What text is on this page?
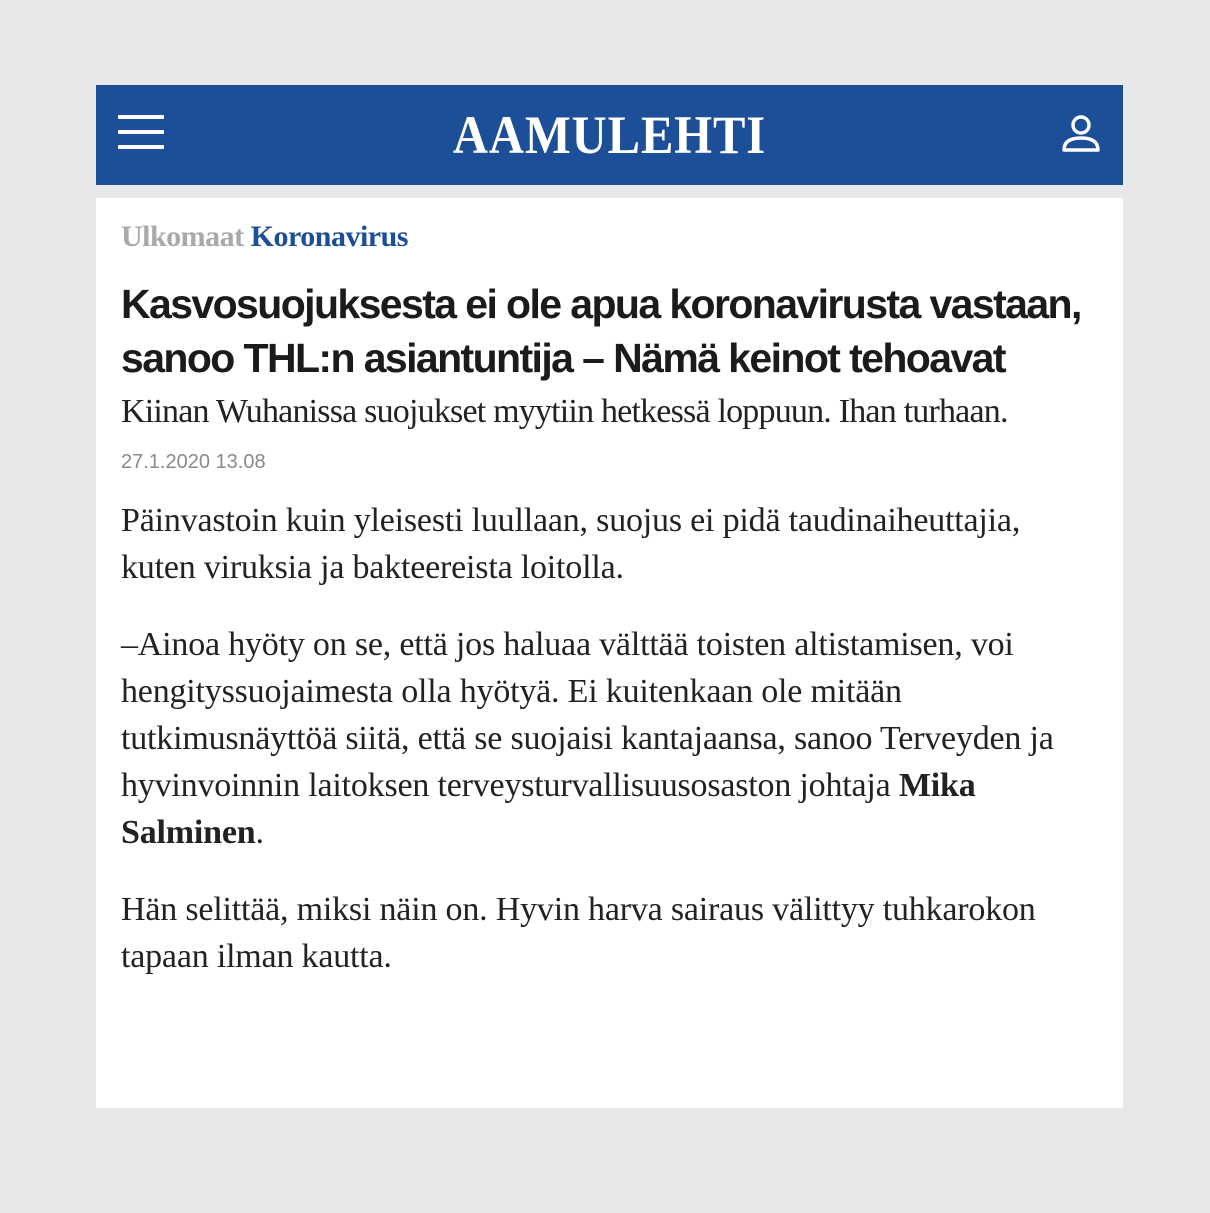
AAMULEHTI
Ulkomaat Koronavirus
Kasvosuojuksesta ei ole apua koronavirusta vastaan, sanoo THL:n asiantuntija – Nämä keinot tehoavat

Kiinan Wuhanissa suojukset myytiin hetkessä loppuun. Ihan turhaan.

27.1.2020 13.08

Päinvastoin kuin yleisesti luullaan, suojus ei pidä taudinaiheuttajia, kuten viruksia ja bakteereista loitolla.

–Ainoa hyöty on se, että jos haluaa välttää toisten altistamisen, voi hengityssuojaimesta olla hyötyä. Ei kuitenkaan ole mitään tutkimusnäyttöä siitä, että se suojaisi kantajaansa, sanoo Terveyden ja hyvinvoinnin laitoksen terveysturvallisuusosaston johtaja Mika Salminen.

Hän selittää, miksi näin on. Hyvin harva sairaus välittyy tuhkarokon tapaan ilman kautta.
